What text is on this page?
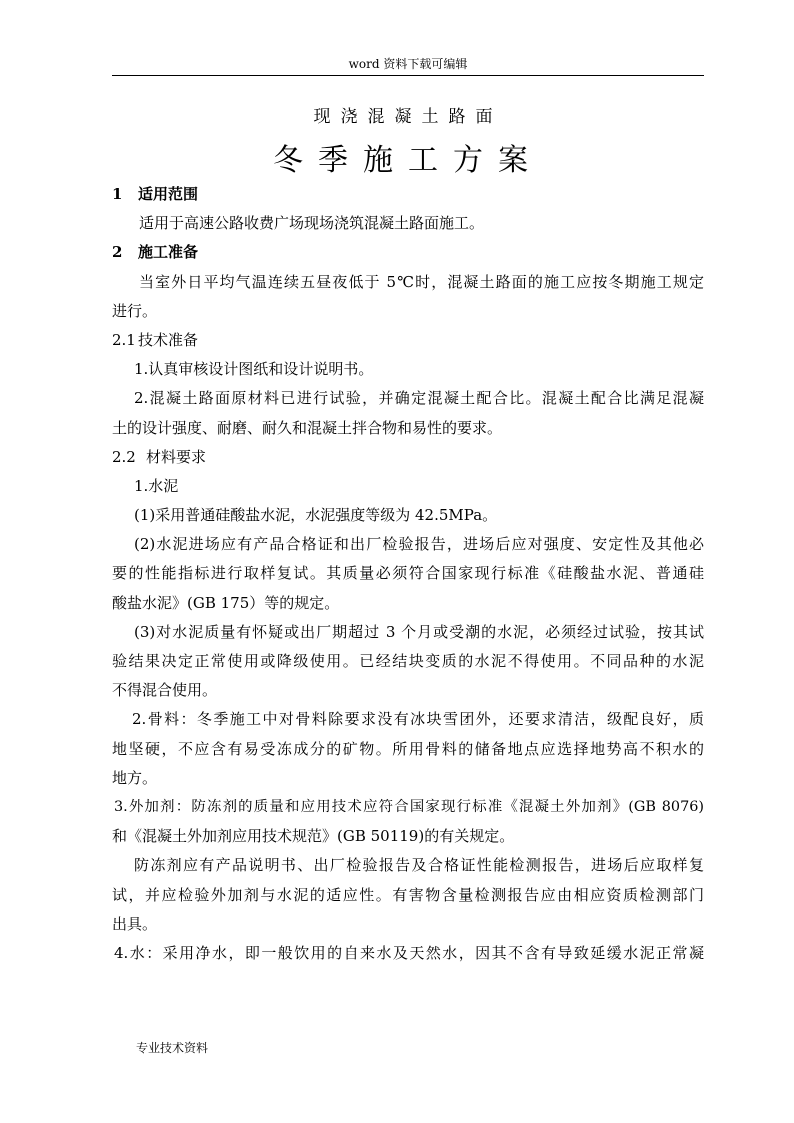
word 资料下载可编辑
现浇混凝土路面
冬季施工方案
1 适用范围
适用于高速公路收费广场现场浇筑混凝土路面施工。
2 施工准备
当室外日平均气温连续五昼夜低于 5℃时，混凝土路面的施工应按冬期施工规定
进行。
2.1 技术准备
1.认真审核设计图纸和设计说明书。
2.混凝土路面原材料已进行试验，并确定混凝土配合比。混凝土配合比满足混凝
土的设计强度、耐磨、耐久和混凝土拌合物和易性的要求。
2.2 材料要求
1.水泥
(1)采用普通硅酸盐水泥，水泥强度等级为 42.5MPa。
(2)水泥进场应有产品合格证和出厂检验报告，进场后应对强度、安定性及其他必
要的性能指标进行取样复试。其质量必须符合国家现行标准《硅酸盐水泥、普通硅
酸盐水泥》(GB 175）等的规定。
(3)对水泥质量有怀疑或出厂期超过 3 个月或受潮的水泥，必须经过试验，按其试
验结果决定正常使用或降级使用。已经结块变质的水泥不得使用。不同品种的水泥
不得混合使用。
2.骨料：冬季施工中对骨料除要求没有冰块雪团外，还要求清洁，级配良好，质
地坚硬，不应含有易受冻成分的矿物。所用骨料的储备地点应选择地势高不积水的
地方。
3.外加剂：防冻剂的质量和应用技术应符合国家现行标准《混凝土外加剂》(GB 8076)
和《混凝土外加剂应用技术规范》(GB 50119)的有关规定。
防冻剂应有产品说明书、出厂检验报告及合格证性能检测报告，进场后应取样复
试，并应检验外加剂与水泥的适应性。有害物含量检测报告应由相应资质检测部门
出具。
4.水：采用净水，即一般饮用的自来水及天然水，因其不含有导致延缓水泥正常凝
专业技术资料
